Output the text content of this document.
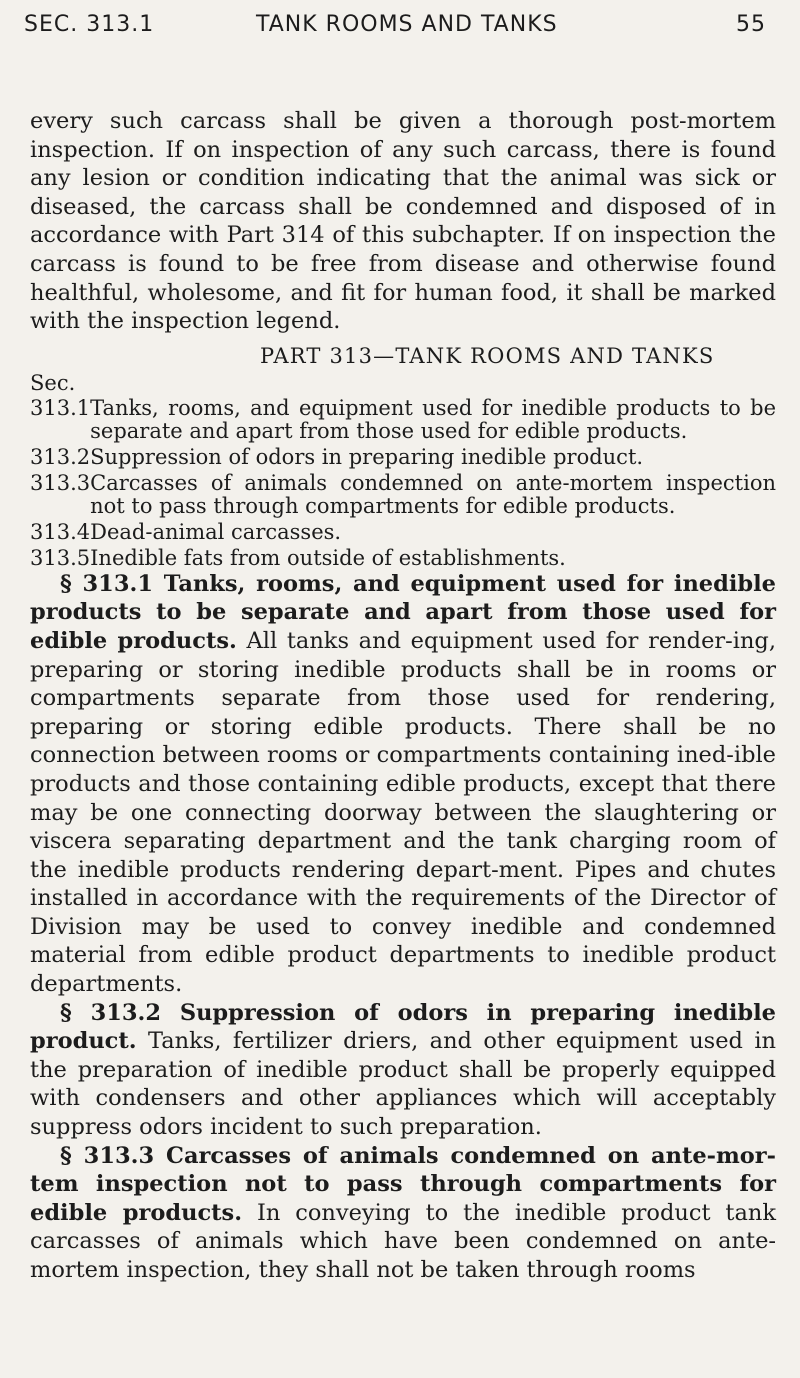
SEC. 313.1	TANK ROOMS AND TANKS	55

every such carcass shall be given a thorough post-mortem inspection. If on inspection of any such carcass, there is found any lesion or condition indicating that the animal was sick or diseased, the carcass shall be condemned and disposed of in accordance with Part 314 of this subchapter. If on inspection the carcass is found to be free from disease and otherwise found healthful, wholesome, and fit for human food, it shall be marked with the inspection legend.

PART 313—TANK ROOMS AND TANKS
Sec.
313.1 Tanks, rooms, and equipment used for inedible products to be separate and apart from those used for edible products.
313.2 Suppression of odors in preparing inedible product.
313.3 Carcasses of animals condemned on ante-mortem inspection not to pass through compartments for edible products.
313.4 Dead-animal carcasses.
313.5 Inedible fats from outside of establishments.

§ 313.1 Tanks, rooms, and equipment used for inedible products to be separate and apart from those used for edible products. All tanks and equipment used for render-ing, preparing or storing inedible products shall be in rooms or compartments separate from those used for rendering, preparing or storing edible products. There shall be no connection between rooms or compartments containing ined-ible products and those containing edible products, except that there may be one connecting doorway between the slaughtering or viscera separating department and the tank charging room of the inedible products rendering depart-ment. Pipes and chutes installed in accordance with the requirements of the Director of Division may be used to convey inedible and condemned material from edible product departments to inedible product departments.

§ 313.2 Suppression of odors in preparing inedible product. Tanks, fertilizer driers, and other equipment used in the preparation of inedible product shall be properly equipped with condensers and other appliances which will acceptably suppress odors incident to such preparation.

§ 313.3 Carcasses of animals condemned on ante-mor-tem inspection not to pass through compartments for edible products. In conveying to the inedible product tank carcasses of animals which have been condemned on ante-mortem inspection, they shall not be taken through rooms
